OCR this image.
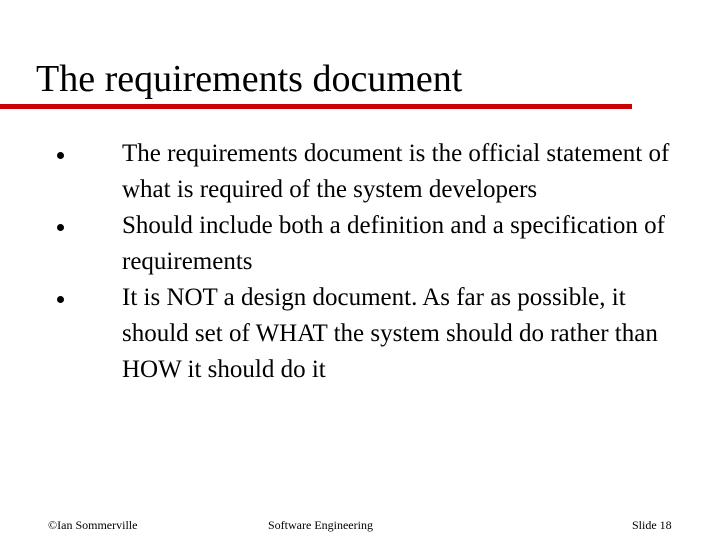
The requirements document
The requirements document is the official statement of what is required of the system developers
Should include both a definition and a specification of requirements
It is NOT a design document. As far as possible, it should set of WHAT the system should do rather than HOW it should do it
©Ian Sommerville	Software Engineering	Slide 18
